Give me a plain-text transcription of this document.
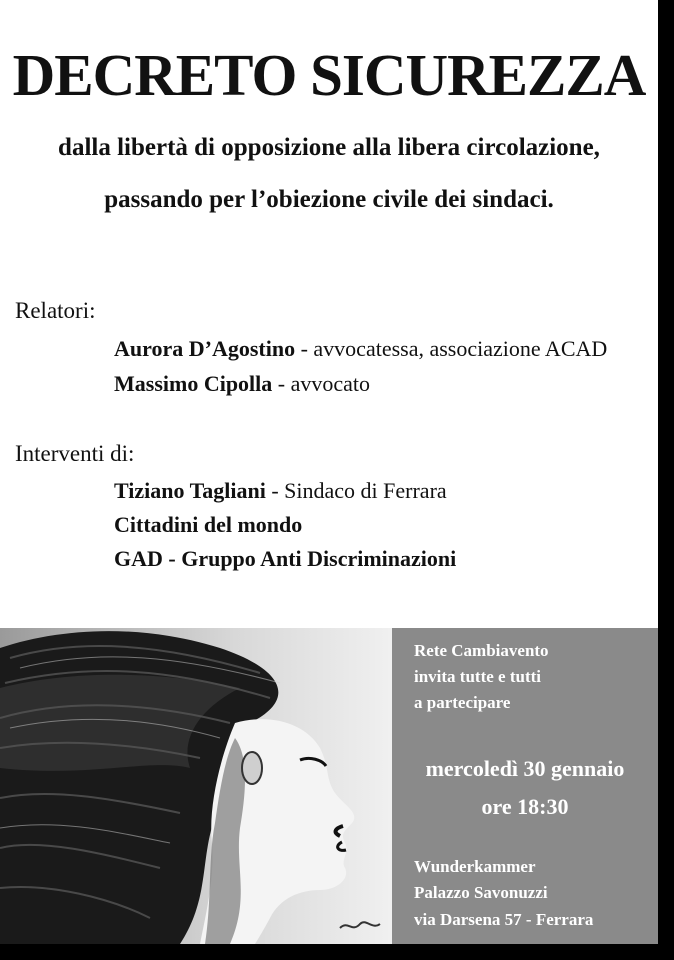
DECRETO SICUREZZA
dalla libertà di opposizione alla libera circolazione,
passando per l’obiezione civile dei sindaci.
Relatori:
Aurora D’Agostino - avvocatessa, associazione ACAD
Massimo Cipolla - avvocato
Interventi di:
Tiziano Tagliani - Sindaco di Ferrara
Cittadini del mondo
GAD - Gruppo Anti Discriminazioni
Rete Cambiavento
invita tutte e tutti
a partecipare
mercoledì 30 gennaio
ore 18:30
Wunderkammer
Palazzo Savonuzzi
via Darsena 57 - Ferrara
